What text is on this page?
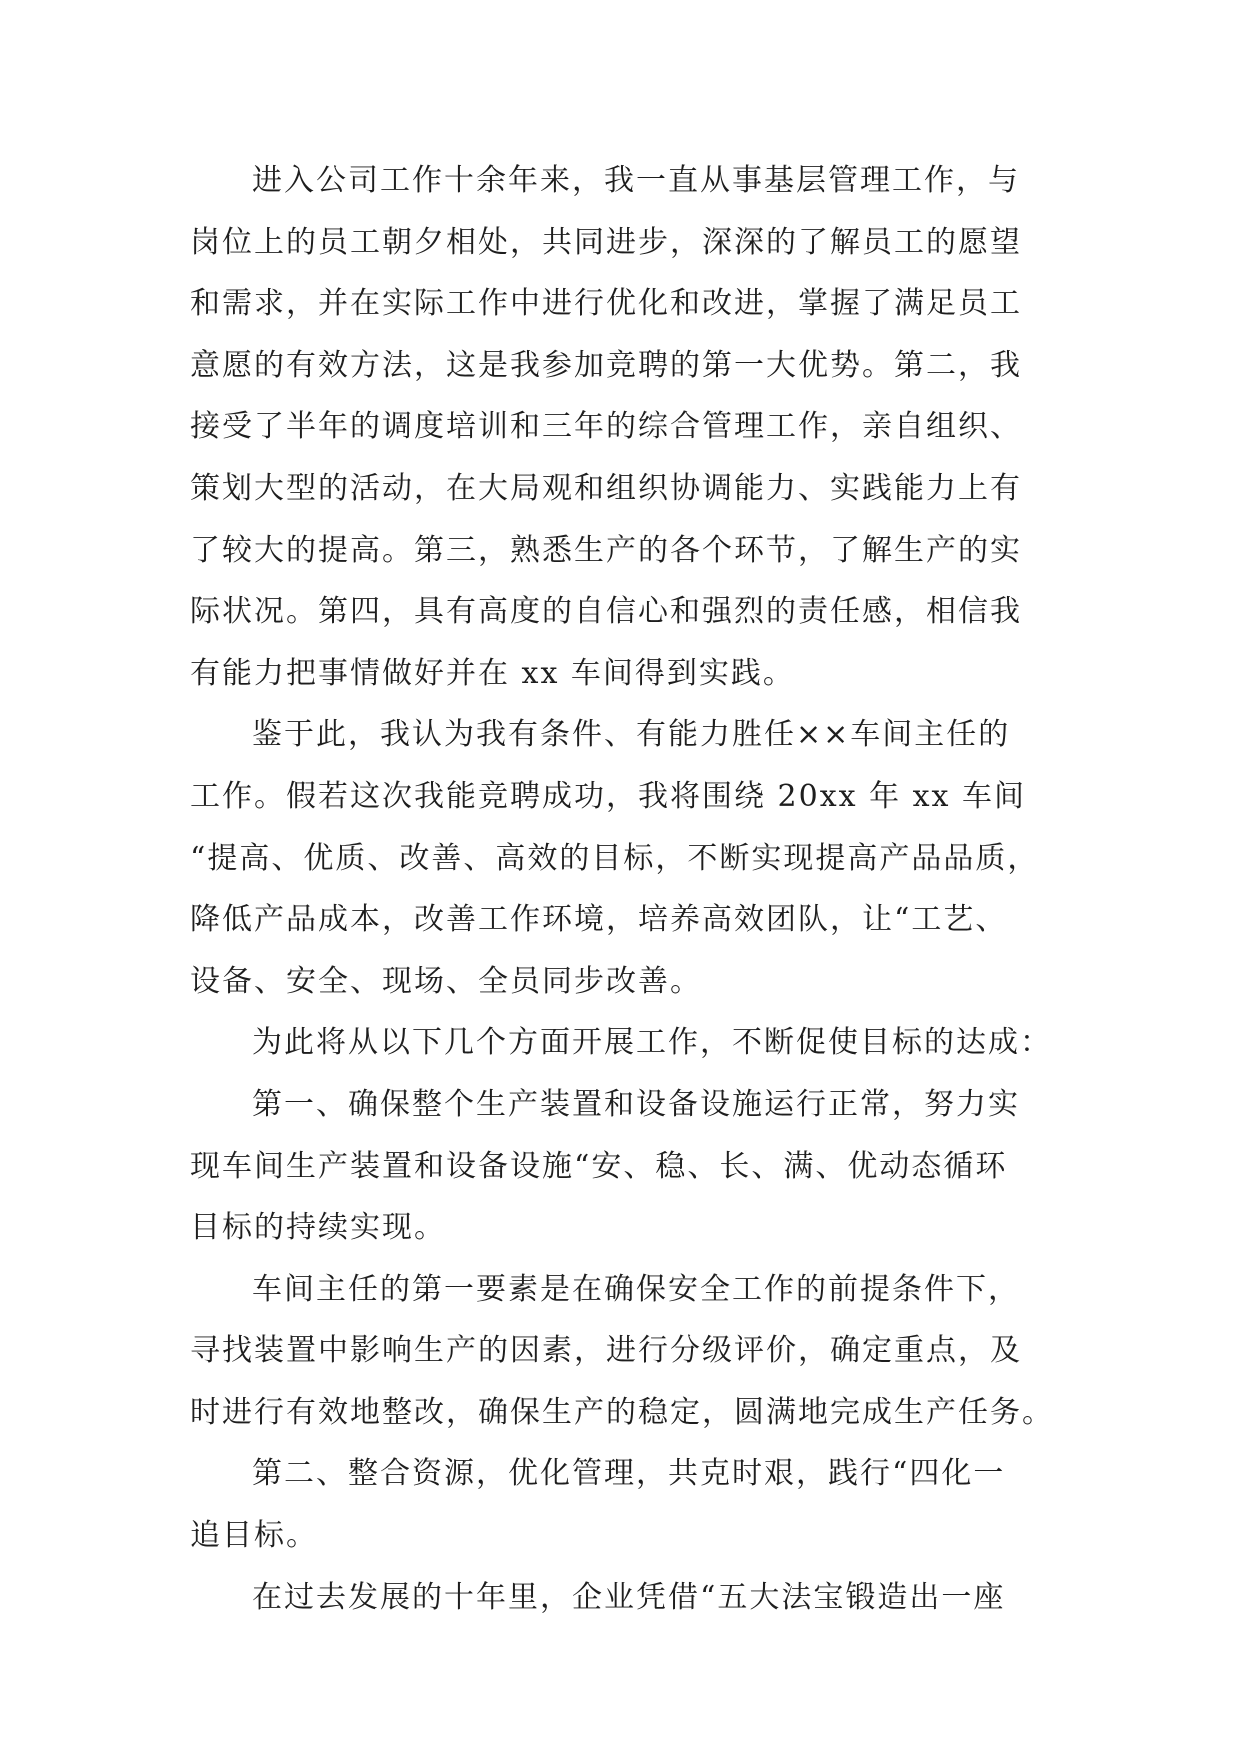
进入公司工作十余年来，我一直从事基层管理工作，与
岗位上的员工朝夕相处，共同进步，深深的了解员工的愿望
和需求，并在实际工作中进行优化和改进，掌握了满足员工
意愿的有效方法，这是我参加竞聘的第一大优势。第二，我
接受了半年的调度培训和三年的综合管理工作，亲自组织、
策划大型的活动，在大局观和组织协调能力、实践能力上有
了较大的提高。第三，熟悉生产的各个环节，了解生产的实
际状况。第四，具有高度的自信心和强烈的责任感，相信我
有能力把事情做好并在 xx 车间得到实践。

鉴于此，我认为我有条件、有能力胜任××车间主任的
工作。假若这次我能竞聘成功，我将围绕 20xx 年 xx 车间
“提高、优质、改善、高效的目标，不断实现提高产品品质，
降低产品成本，改善工作环境，培养高效团队，让“工艺、
设备、安全、现场、全员同步改善。

为此将从以下几个方面开展工作，不断促使目标的达成：

第一、确保整个生产装置和设备设施运行正常，努力实
现车间生产装置和设备设施“安、稳、长、满、优动态循环
目标的持续实现。

车间主任的第一要素是在确保安全工作的前提条件下，
寻找装置中影响生产的因素，进行分级评价，确定重点，及
时进行有效地整改，确保生产的稳定，圆满地完成生产任务。

第二、整合资源，优化管理，共克时艰，践行“四化一
追目标。

在过去发展的十年里，企业凭借“五大法宝锻造出一座
